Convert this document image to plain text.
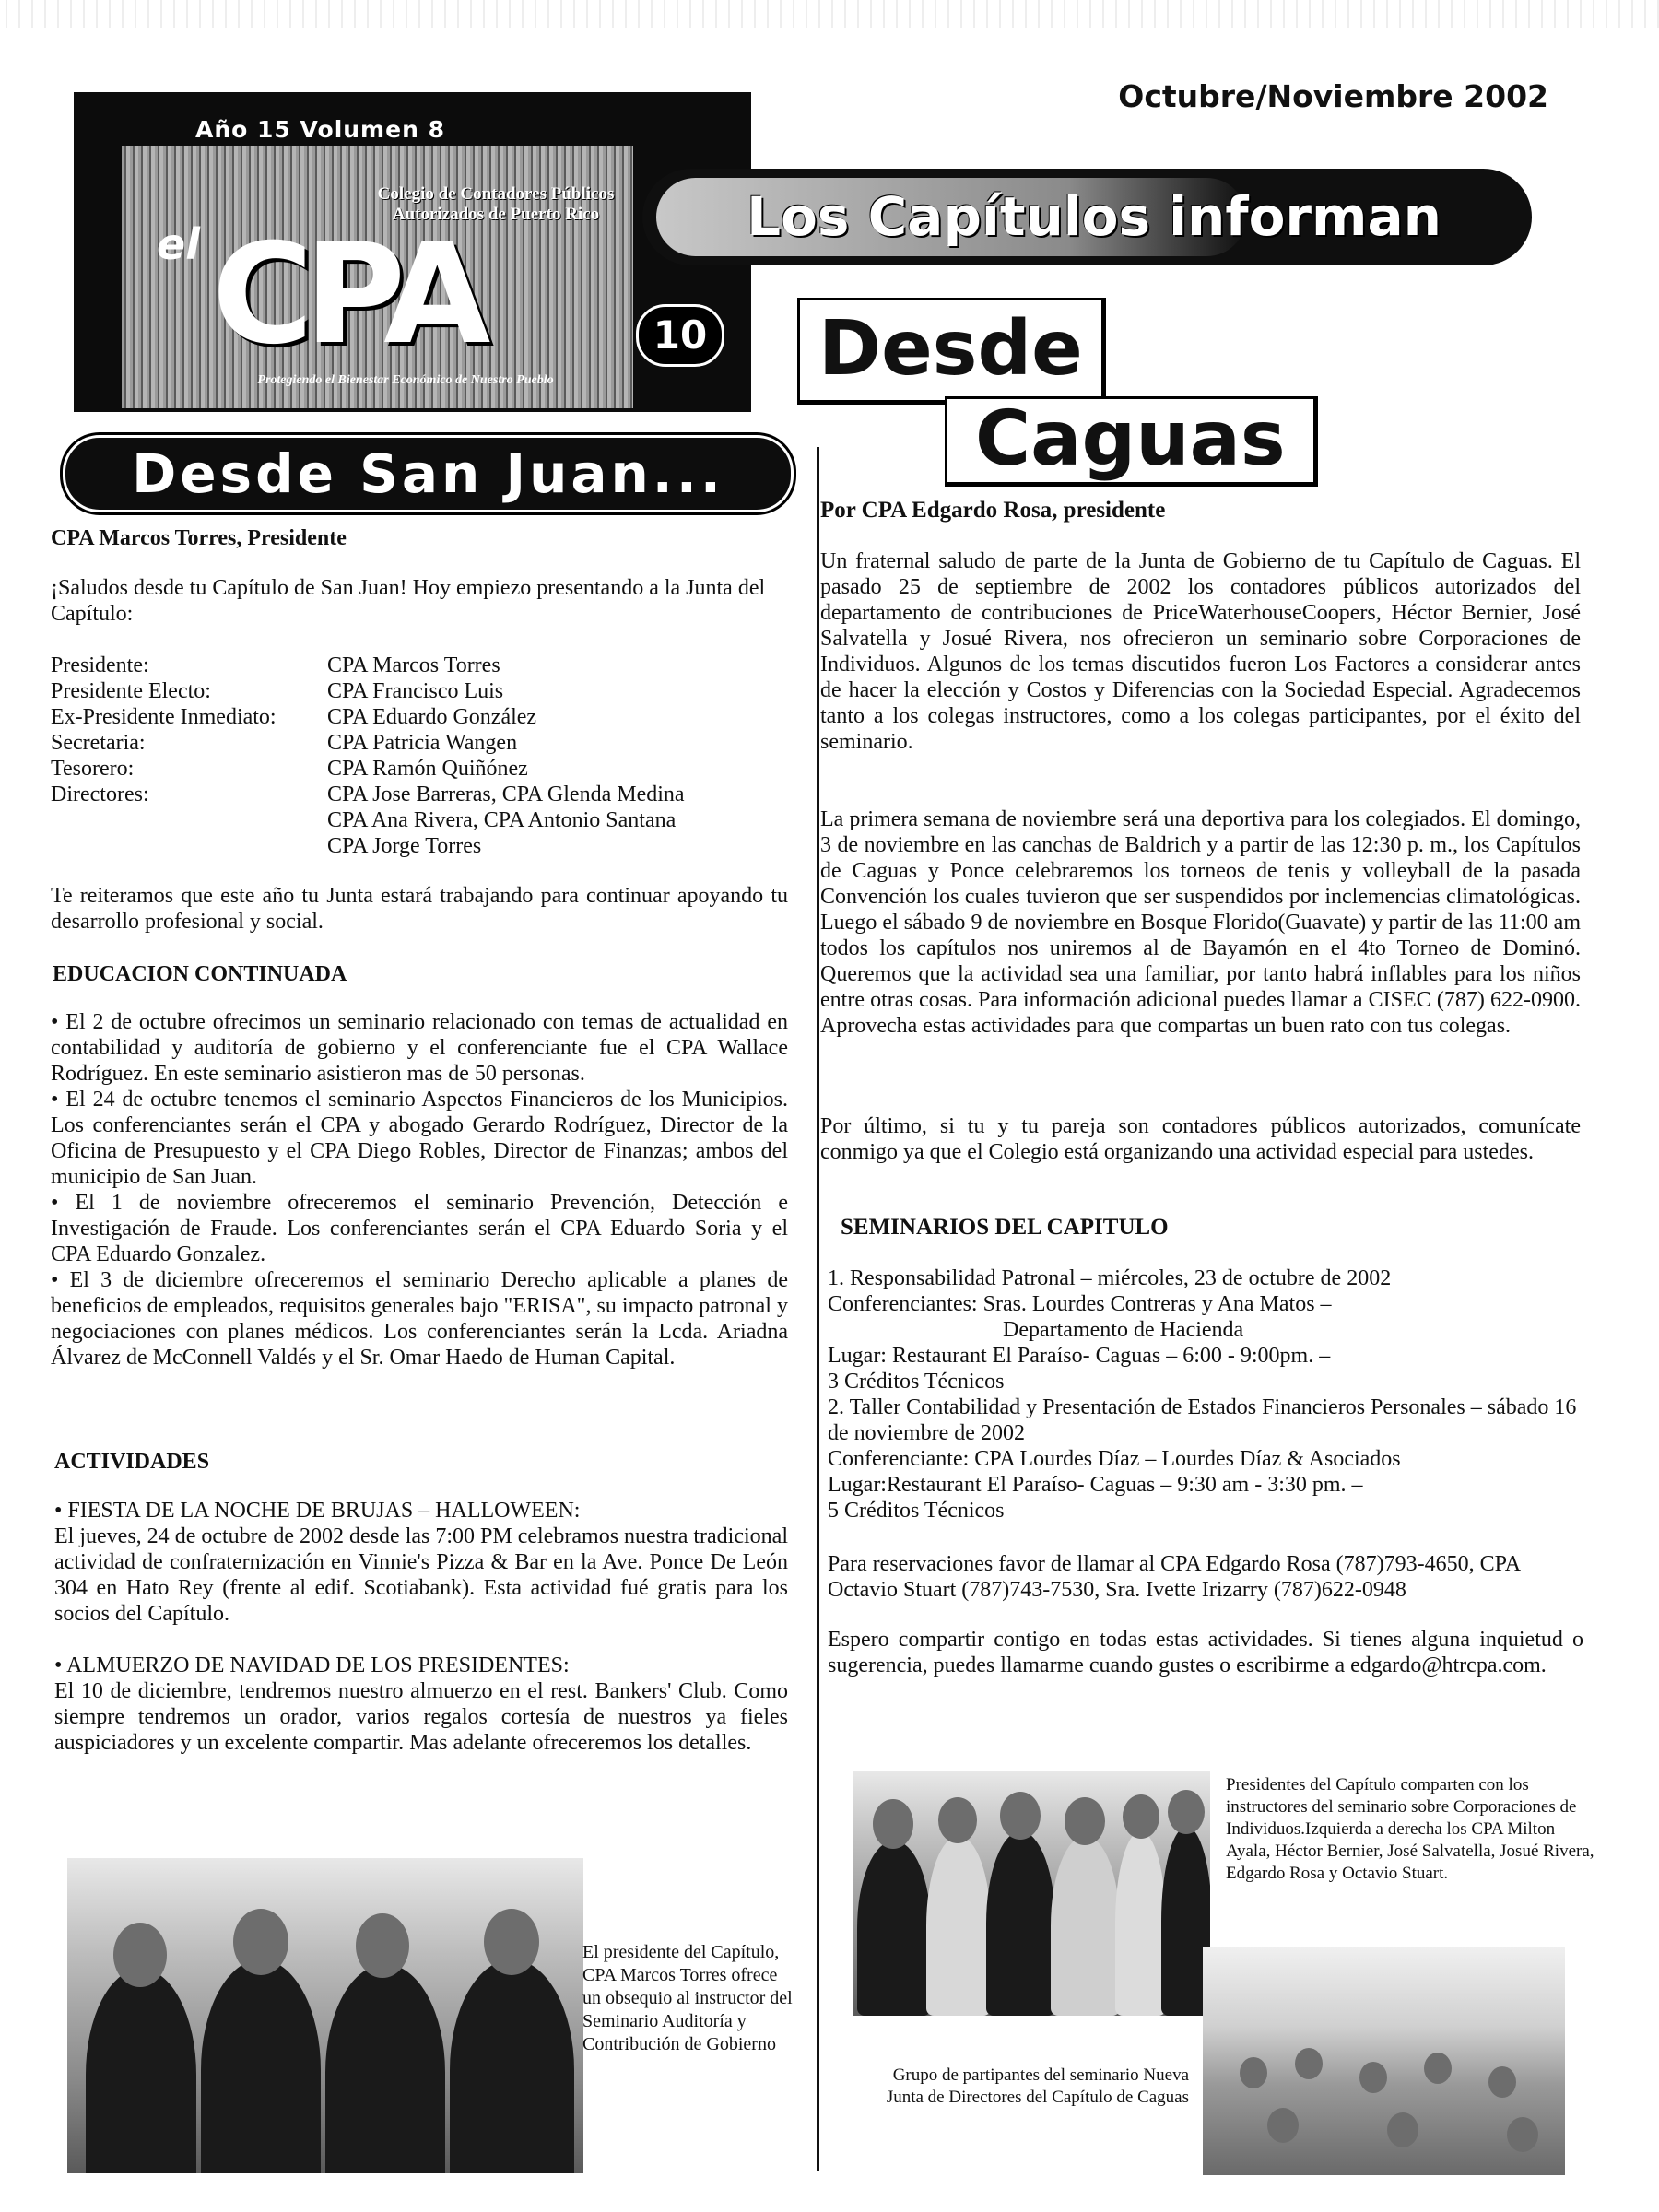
Año 15 Volumen 8
el CPA
Colegio de Contadores Públicos Autorizados de Puerto Rico
Protegiendo el Bienestar Económico de Nuestro Pueblo
10
Octubre/Noviembre 2002
Los Capítulos informan
Desde
Caguas
Desde San Juan...
CPA Marcos Torres, Presidente
¡Saludos desde tu Capítulo de San Juan! Hoy empiezo presentando a la Junta del Capítulo:
Presidente:	CPA Marcos Torres
Presidente Electo:	CPA Francisco Luis
Ex-Presidente Inmediato:	CPA Eduardo González
Secretaria:	CPA Patricia Wangen
Tesorero:	CPA Ramón Quiñónez
Directores:	CPA Jose Barreras, CPA Glenda Medina
CPA Ana Rivera, CPA Antonio Santana
CPA Jorge Torres
Te reiteramos que este año tu Junta estará trabajando para continuar apoyando tu desarrollo profesional y social.
EDUCACION CONTINUADA
• El 2 de octubre ofrecimos un seminario relacionado con temas de actualidad en contabilidad y auditoría de gobierno y el conferenciante fue el CPA Wallace Rodríguez. En este seminario asistieron mas de 50 personas.
• El 24 de octubre tenemos el seminario Aspectos Financieros de los Municipios. Los conferenciantes serán el CPA y abogado Gerardo Rodríguez, Director de la Oficina de Presupuesto y el CPA Diego Robles, Director de Finanzas; ambos del municipio de San Juan.
• El 1 de noviembre ofreceremos el seminario Prevención, Detección e Investigación de Fraude. Los conferenciantes serán el CPA Eduardo Soria y el CPA Eduardo Gonzalez.
• El 3 de diciembre ofreceremos el seminario Derecho aplicable a planes de beneficios de empleados, requisitos generales bajo "ERISA", su impacto patronal y negociaciones con planes médicos. Los conferenciantes serán la Lcda. Ariadna Álvarez de McConnell Valdés y el Sr. Omar Haedo de Human Capital.
ACTIVIDADES
• FIESTA DE LA NOCHE DE BRUJAS – HALLOWEEN:
El jueves, 24 de octubre de 2002 desde las 7:00 PM celebramos nuestra tradicional actividad de confraternización en Vinnie's Pizza & Bar en la Ave. Ponce De León 304 en Hato Rey (frente al edif. Scotiabank). Esta actividad fué gratis para los socios del Capítulo.
• ALMUERZO DE NAVIDAD DE LOS PRESIDENTES:
El 10 de diciembre, tendremos nuestro almuerzo en el rest. Bankers' Club. Como siempre tendremos un orador, varios regalos cortesía de nuestros ya fieles auspiciadores y un excelente compartir. Mas adelante ofreceremos los detalles.
El presidente del Capítulo, CPA Marcos Torres ofrece un obsequio al instructor del Seminario Auditoría y Contribución de Gobierno
Por CPA Edgardo Rosa, presidente
Un fraternal saludo de parte de la Junta de Gobierno de tu Capítulo de Caguas. El pasado 25 de septiembre de 2002 los contadores públicos autorizados del departamento de contribuciones de PriceWaterhouseCoopers, Héctor Bernier, José Salvatella y Josué Rivera, nos ofrecieron un seminario sobre Corporaciones de Individuos. Algunos de los temas discutidos fueron Los Factores a considerar antes de hacer la elección y Costos y Diferencias con la Sociedad Especial. Agradecemos tanto a los colegas instructores, como a los colegas participantes, por el éxito del seminario.
La primera semana de noviembre será una deportiva para los colegiados. El domingo, 3 de noviembre en las canchas de Baldrich y a partir de las 12:30 p. m., los Capítulos de Caguas y Ponce celebraremos los torneos de tenis y volleyball de la pasada Convención los cuales tuvieron que ser suspendidos por inclemencias climatológicas. Luego el sábado 9 de noviembre en Bosque Florido(Guavate) y partir de las 11:00 am todos los capítulos nos uniremos al de Bayamón en el 4to Torneo de Dominó. Queremos que la actividad sea una familiar, por tanto habrá inflables para los niños entre otras cosas. Para información adicional puedes llamar a CISEC (787) 622-0900. Aprovecha estas actividades para que compartas un buen rato con tus colegas.
Por último, si tu y tu pareja son contadores públicos autorizados, comunícate conmigo ya que el Colegio está organizando una actividad especial para ustedes.
SEMINARIOS DEL CAPITULO
1. Responsabilidad Patronal – miércoles, 23 de octubre de 2002
Conferenciantes: Sras. Lourdes Contreras y Ana Matos –
Departamento de Hacienda
Lugar: Restaurant El Paraíso- Caguas – 6:00 - 9:00pm. –
3 Créditos Técnicos
2. Taller Contabilidad y Presentación de Estados Financieros Personales – sábado 16 de noviembre de 2002
Conferenciante: CPA Lourdes Díaz – Lourdes Díaz & Asociados
Lugar:Restaurant El Paraíso- Caguas – 9:30 am - 3:30 pm. –
5 Créditos Técnicos
Para reservaciones favor de llamar al CPA Edgardo Rosa (787)793-4650, CPA Octavio Stuart (787)743-7530, Sra. Ivette Irizarry (787)622-0948
Espero compartir contigo en todas estas actividades. Si tienes alguna inquietud o sugerencia, puedes llamarme cuando gustes o escribirme a edgardo@htrcpa.com.
Presidentes del Capítulo comparten con los instructores del seminario sobre Corporaciones de Individuos.Izquierda a derecha los CPA Milton Ayala, Héctor Bernier, José Salvatella, Josué Rivera, Edgardo Rosa y Octavio Stuart.
Grupo de partipantes del seminario Nueva Junta de Directores del Capítulo de Caguas
